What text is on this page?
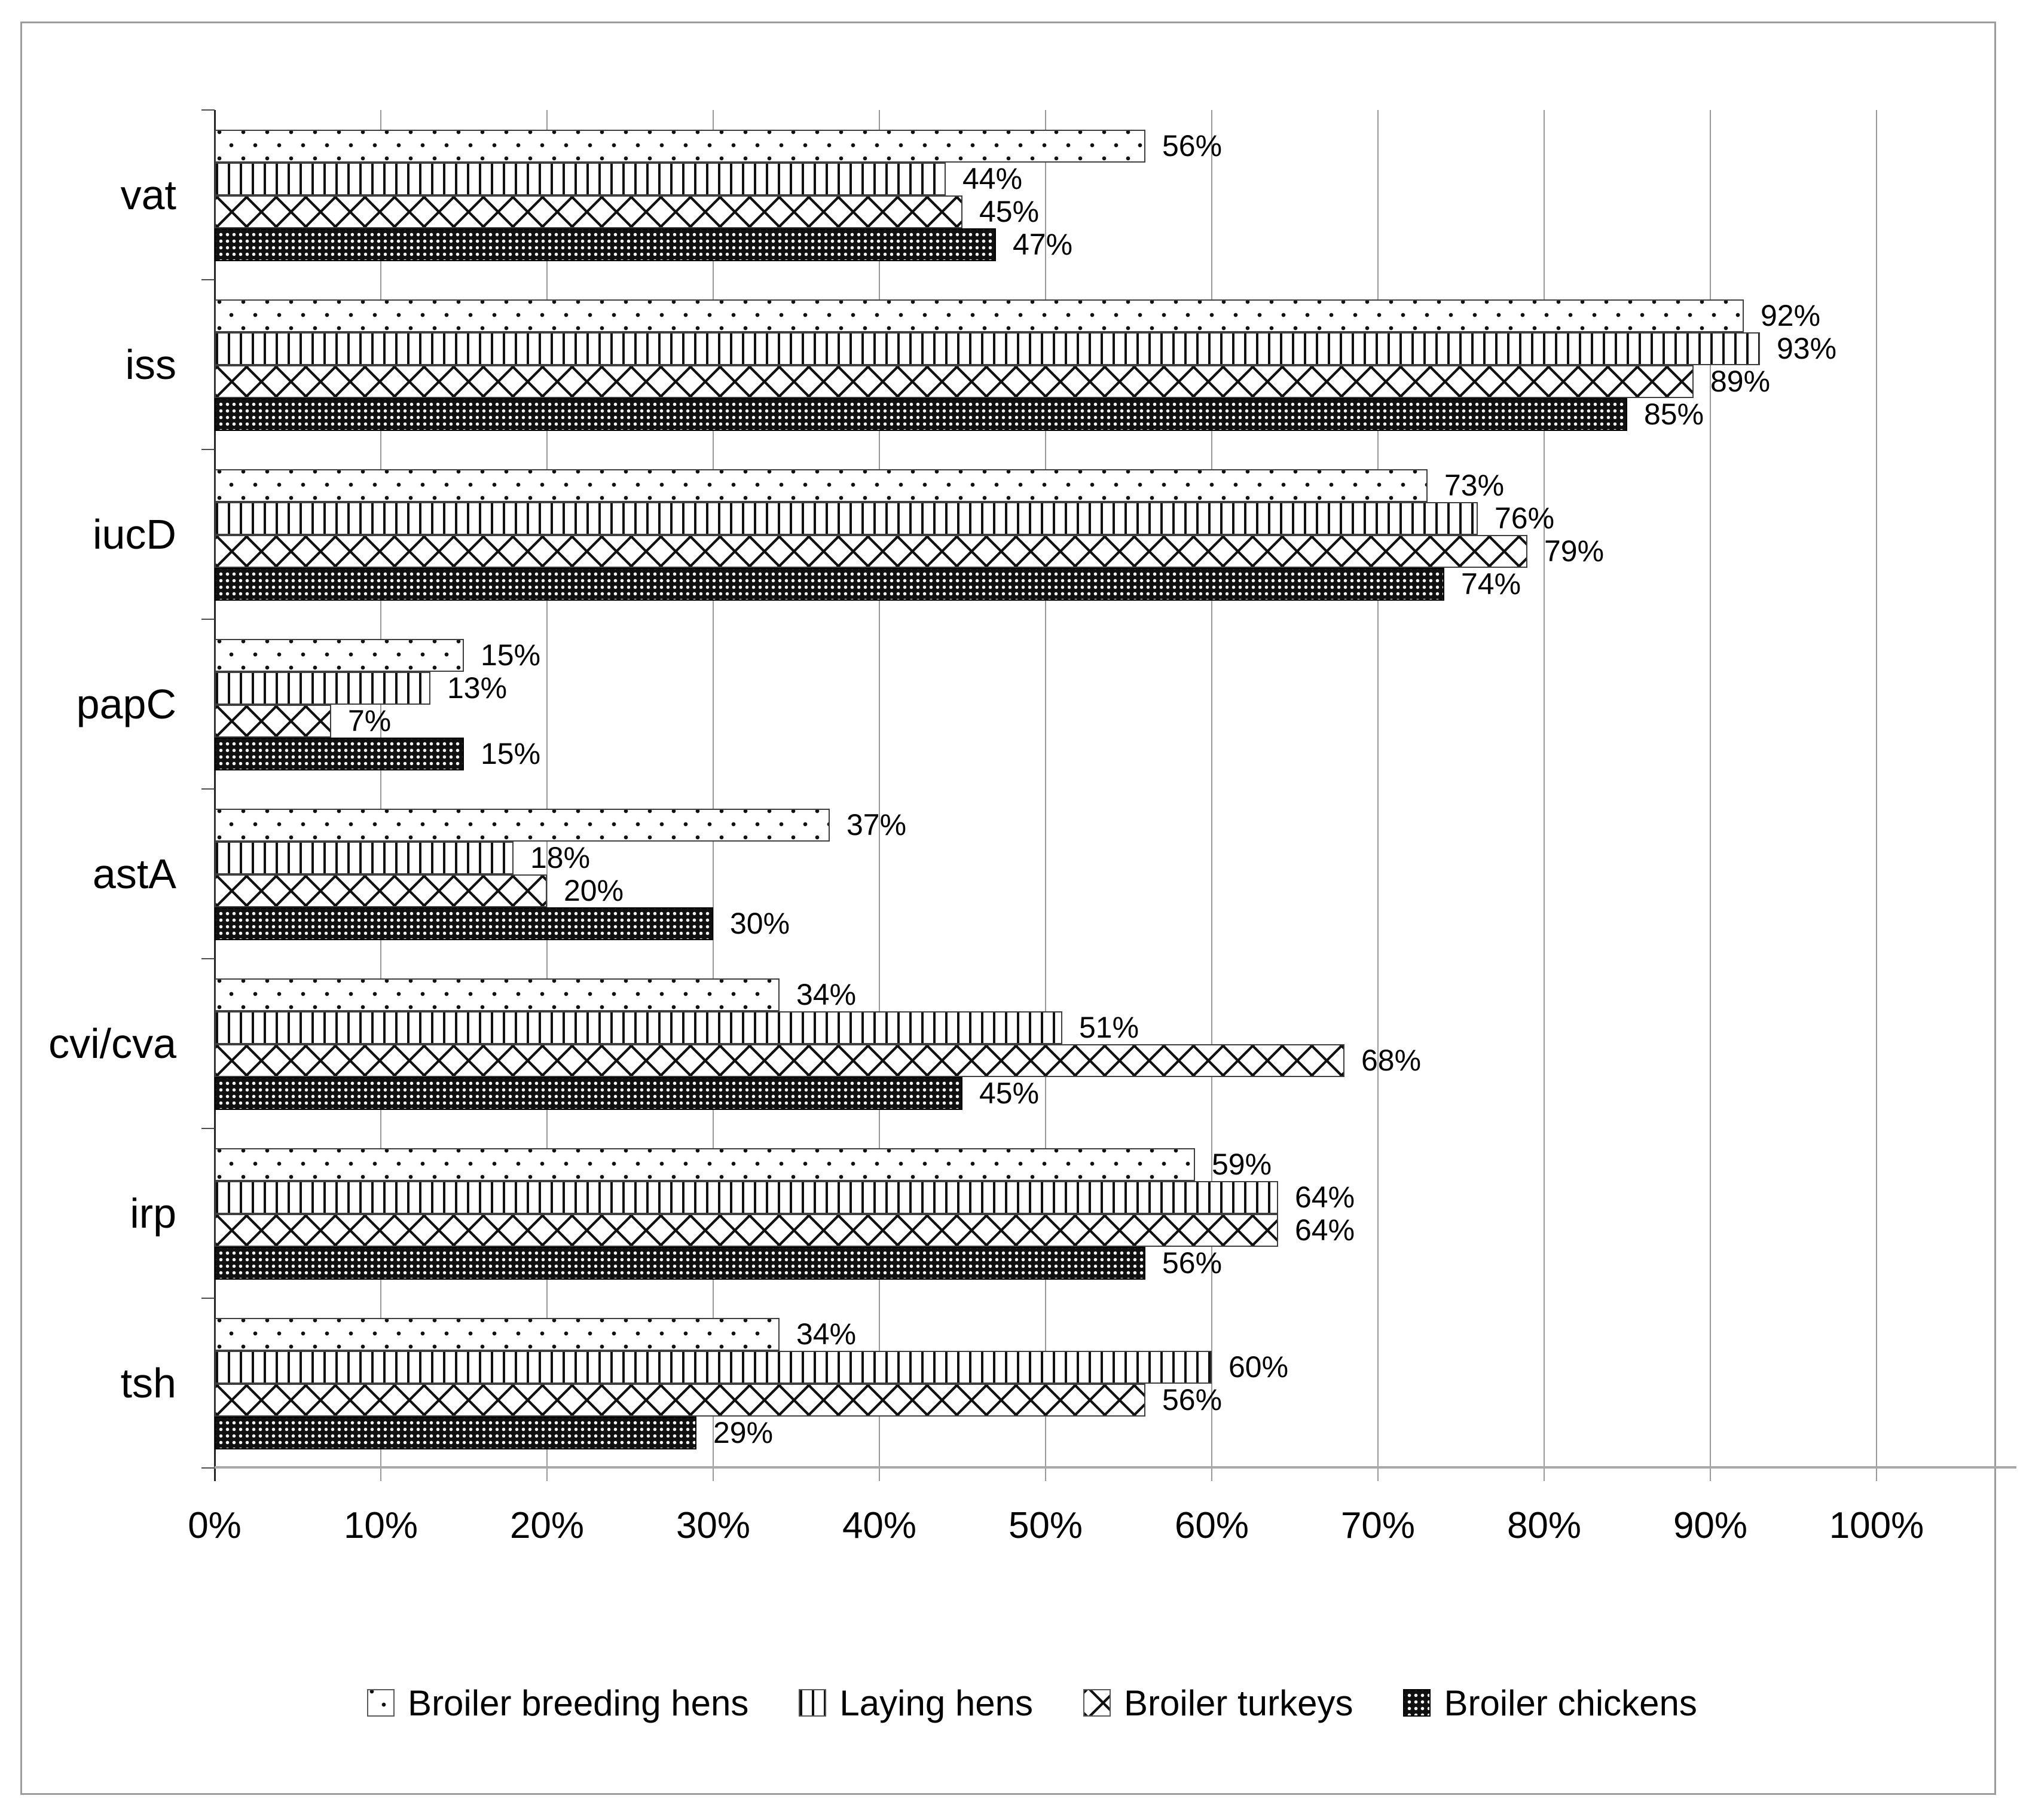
56%
44%
45%
47%
92%
93%
89%
85%
73%
76%
79%
74%
15%
13%
7%
15%
37%
18%
20%
30%
34%
51%
68%
45%
59%
64%
64%
56%
34%
60%
56%
29%
0%	10%	20%	30%	40%	50%	60%	70%	80%	90%	100%
vat
iss
iucD
papC
astA
cvi/cva
irp
tsh
Broiler breeding hens	Laying hens	Broiler turkeys	Broiler chickens
